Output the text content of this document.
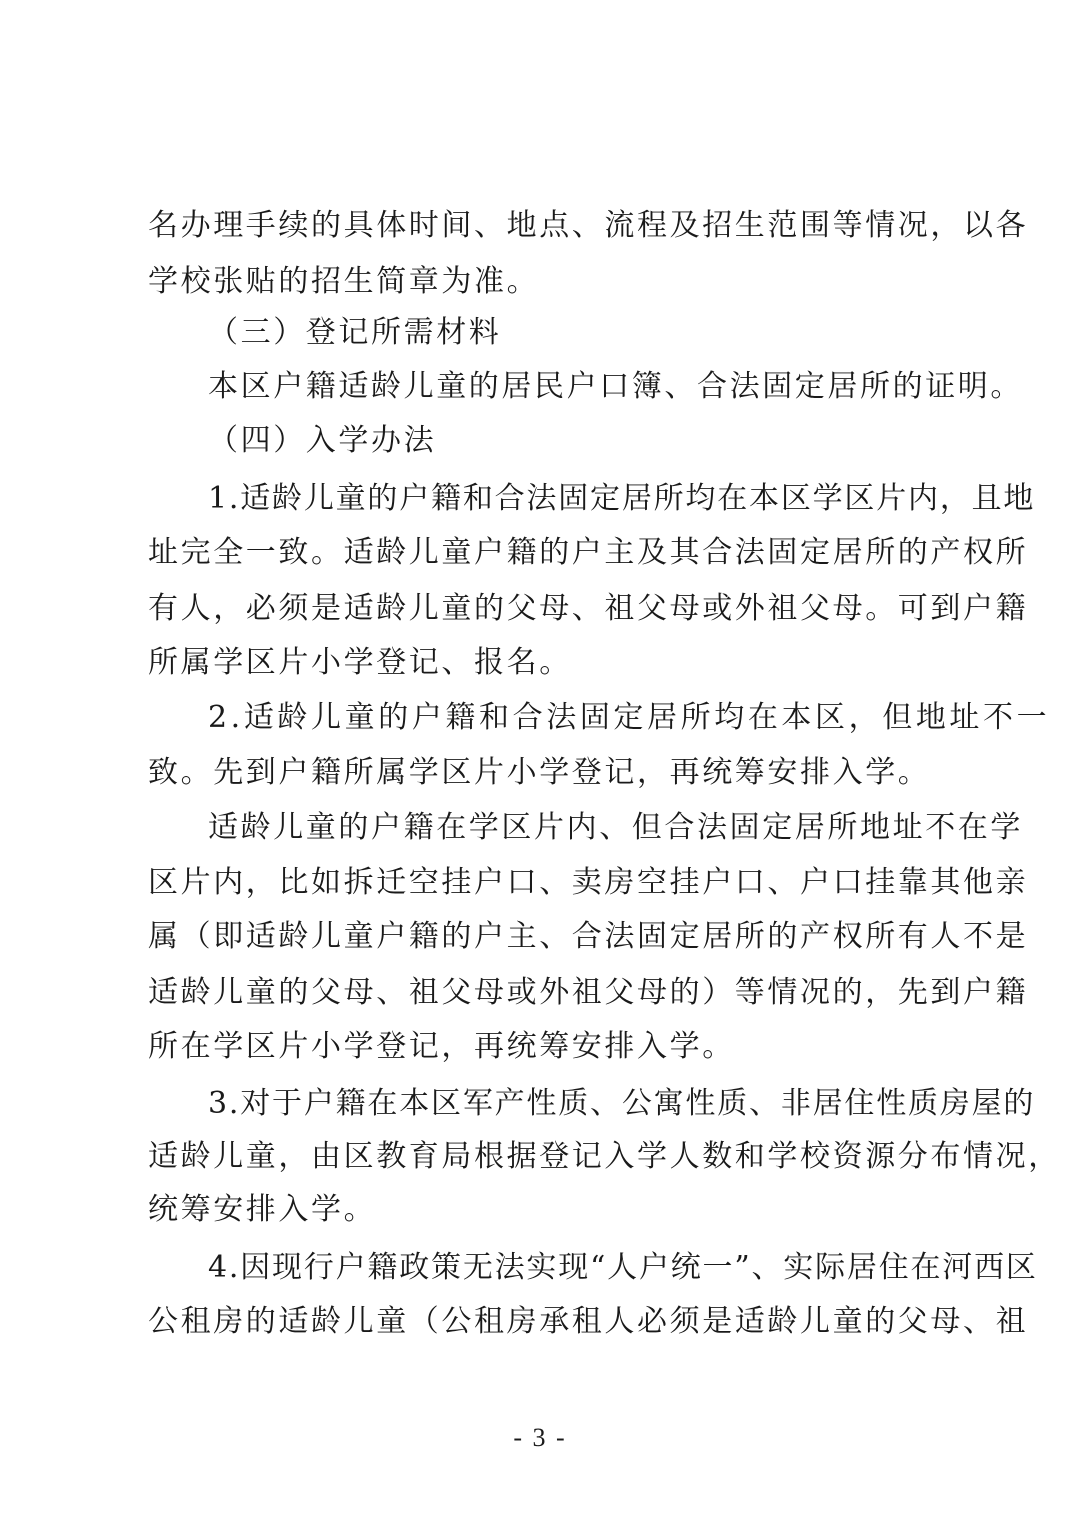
名办理手续的具体时间、地点、流程及招生范围等情况，以各
学校张贴的招生简章为准。
（三）登记所需材料
本区户籍适龄儿童的居民户口簿、合法固定居所的证明。
（四）入学办法
1.适龄儿童的户籍和合法固定居所均在本区学区片内，且地
址完全一致。适龄儿童户籍的户主及其合法固定居所的产权所
有人，必须是适龄儿童的父母、祖父母或外祖父母。可到户籍
所属学区片小学登记、报名。
2.适龄儿童的户籍和合法固定居所均在本区，但地址不一
致。先到户籍所属学区片小学登记，再统筹安排入学。
适龄儿童的户籍在学区片内、但合法固定居所地址不在学
区片内，比如拆迁空挂户口、卖房空挂户口、户口挂靠其他亲
属（即适龄儿童户籍的户主、合法固定居所的产权所有人不是
适龄儿童的父母、祖父母或外祖父母的）等情况的，先到户籍
所在学区片小学登记，再统筹安排入学。
3.对于户籍在本区军产性质、公寓性质、非居住性质房屋的
适龄儿童，由区教育局根据登记入学人数和学校资源分布情况，
统筹安排入学。
4.因现行户籍政策无法实现“人户统一”、实际居住在河西区
公租房的适龄儿童（公租房承租人必须是适龄儿童的父母、祖
- 3 -
